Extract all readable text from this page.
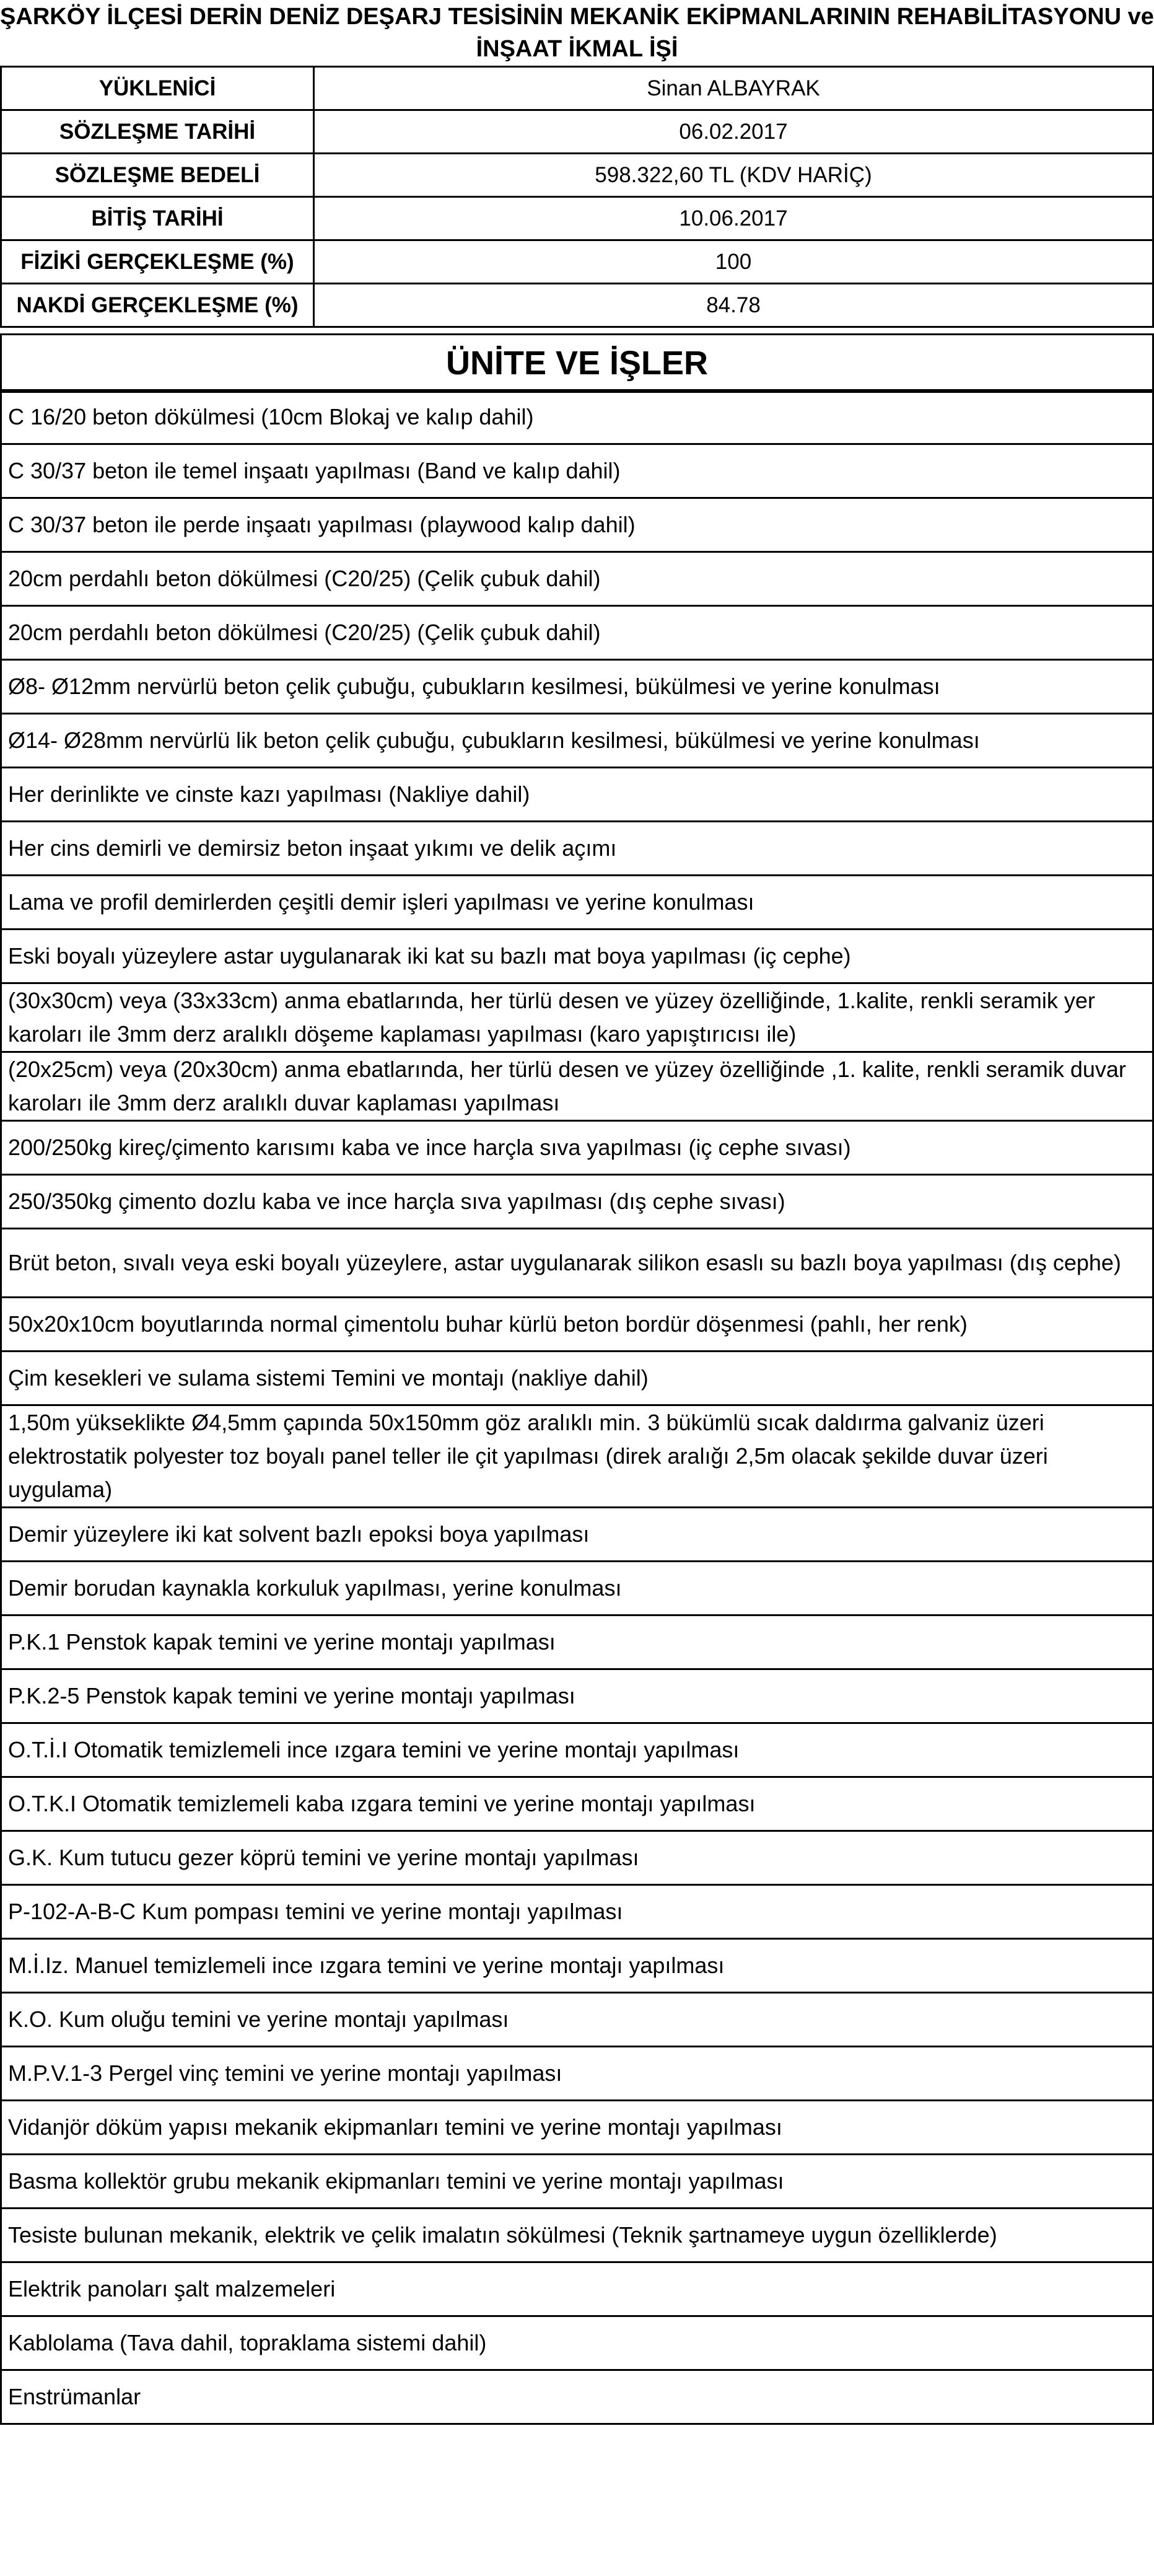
ŞARKÖY İLÇESİ DERİN DENİZ DEŞARJ TESİSİNİN MEKANİK EKİPMANLARININ REHABİLİTASYONU ve
İNŞAAT İKMAL İŞİ
YÜKLENİCİ	Sinan ALBAYRAK
SÖZLEŞME TARİHİ	06.02.2017
SÖZLEŞME BEDELİ	598.322,60 TL (KDV HARİÇ)
BİTİŞ TARİHİ	10.06.2017
FİZİKİ GERÇEKLEŞME (%)	100
NAKDİ GERÇEKLEŞME (%)	84.78
ÜNİTE VE İŞLER
C 16/20 beton dökülmesi (10cm Blokaj ve kalıp dahil)
C 30/37 beton ile temel inşaatı yapılması (Band ve kalıp dahil)
C 30/37 beton ile perde inşaatı yapılması (playwood kalıp dahil)
20cm perdahlı beton dökülmesi (C20/25) (Çelik çubuk dahil)
20cm perdahlı beton dökülmesi (C20/25) (Çelik çubuk dahil)
Ø8- Ø12mm nervürlü beton çelik çubuğu, çubukların kesilmesi, bükülmesi ve yerine konulması
Ø14- Ø28mm nervürlü lik beton çelik çubuğu, çubukların kesilmesi, bükülmesi ve yerine konulması
Her derinlikte ve cinste kazı yapılması (Nakliye dahil)
Her cins demirli ve demirsiz beton inşaat yıkımı ve delik açımı
Lama ve profil demirlerden çeşitli demir işleri yapılması ve yerine konulması
Eski boyalı yüzeylere astar uygulanarak iki kat su bazlı mat boya yapılması (iç cephe)
(30x30cm) veya (33x33cm) anma ebatlarında, her türlü desen ve yüzey özelliğinde, 1.kalite, renkli seramik yer karoları ile 3mm derz aralıklı döşeme kaplaması yapılması (karo yapıştırıcısı ile)
(20x25cm) veya (20x30cm) anma ebatlarında, her türlü desen ve yüzey özelliğinde ,1. kalite, renkli seramik duvar karoları ile 3mm derz aralıklı duvar kaplaması yapılması
200/250kg kireç/çimento karısımı kaba ve ince harçla sıva yapılması (iç cephe sıvası)
250/350kg çimento dozlu kaba ve ince harçla sıva yapılması (dış cephe sıvası)
Brüt beton, sıvalı veya eski boyalı yüzeylere, astar uygulanarak silikon esaslı su bazlı boya yapılması (dış cephe)
50x20x10cm boyutlarında normal çimentolu buhar kürlü beton bordür döşenmesi (pahlı, her renk)
Çim kesekleri ve sulama sistemi Temini ve montajı (nakliye dahil)
1,50m yükseklikte Ø4,5mm çapında 50x150mm göz aralıklı min. 3 bükümlü sıcak daldırma galvaniz üzeri elektrostatik polyester toz boyalı panel teller ile çit yapılması (direk aralığı 2,5m olacak şekilde duvar üzeri uygulama)
Demir yüzeylere iki kat solvent bazlı epoksi boya yapılması
Demir borudan kaynakla korkuluk yapılması, yerine konulması
P.K.1 Penstok kapak temini ve yerine montajı yapılması
P.K.2-5 Penstok kapak temini ve yerine montajı yapılması
O.T.İ.I Otomatik temizlemeli ince ızgara temini ve yerine montajı yapılması
O.T.K.I Otomatik temizlemeli kaba ızgara temini ve yerine montajı yapılması
G.K. Kum tutucu gezer köprü temini ve yerine montajı yapılması
P-102-A-B-C Kum pompası temini ve yerine montajı yapılması
M.İ.Iz. Manuel temizlemeli ince ızgara temini ve yerine montajı yapılması
K.O. Kum oluğu temini ve yerine montajı yapılması
M.P.V.1-3 Pergel vinç temini ve yerine montajı yapılması
Vidanjör döküm yapısı mekanik ekipmanları temini ve yerine montajı yapılması
Basma kollektör grubu mekanik ekipmanları temini ve yerine montajı yapılması
Tesiste bulunan mekanik, elektrik ve çelik imalatın sökülmesi (Teknik şartnameye uygun özelliklerde)
Elektrik panoları şalt malzemeleri
Kablolama (Tava dahil, topraklama sistemi dahil)
Enstrümanlar
